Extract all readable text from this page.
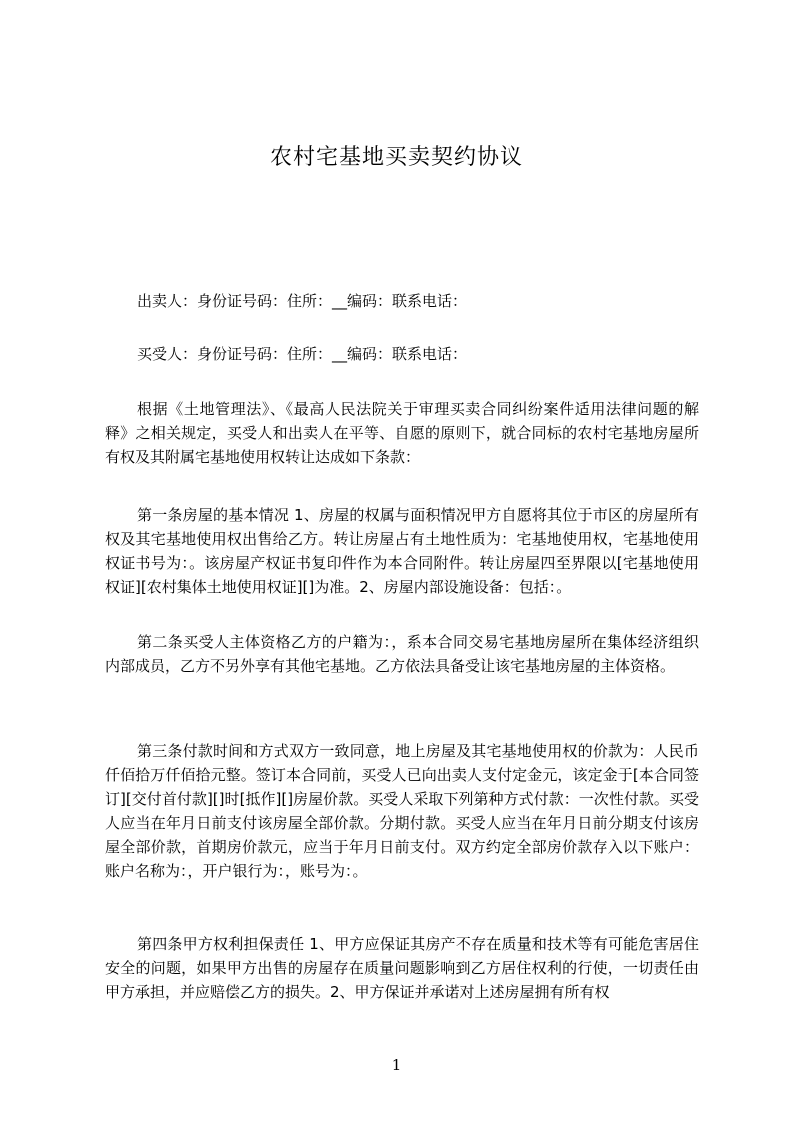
农村宅基地买卖契约协议

出卖人：身份证号码：住所：__编码：联系电话：

买受人：身份证号码：住所：__编码：联系电话：

根据《土地管理法》、《最高人民法院关于审理买卖合同纠纷案件适用法律问题的解释》之相关规定，买受人和出卖人在平等、自愿的原则下，就合同标的农村宅基地房屋所有权及其附属宅基地使用权转让达成如下条款：

第一条房屋的基本情况 1、房屋的权属与面积情况甲方自愿将其位于市区的房屋所有权及其宅基地使用权出售给乙方。转让房屋占有土地性质为：宅基地使用权，宅基地使用权证书号为：。该房屋产权证书复印件作为本合同附件。转让房屋四至界限以[宅基地使用权证][农村集体土地使用权证][]为准。2、房屋内部设施设备：包括：。

第二条买受人主体资格乙方的户籍为：，系本合同交易宅基地房屋所在集体经济组织内部成员，乙方不另外享有其他宅基地。乙方依法具备受让该宅基地房屋的主体资格。

第三条付款时间和方式双方一致同意，地上房屋及其宅基地使用权的价款为：人民币仟佰拾万仟佰拾元整。签订本合同前，买受人已向出卖人支付定金元，该定金于[本合同签订][交付首付款][]时[抵作][]房屋价款。买受人采取下列第种方式付款：一次性付款。买受人应当在年月日前支付该房屋全部价款。分期付款。买受人应当在年月日前分期支付该房屋全部价款，首期房价款元，应当于年月日前支付。双方约定全部房价款存入以下账户：账户名称为：，开户银行为：，账号为：。

第四条甲方权利担保责任 1、甲方应保证其房产不存在质量和技术等有可能危害居住安全的问题，如果甲方出售的房屋存在质量问题影响到乙方居住权利的行使，一切责任由甲方承担，并应赔偿乙方的损失。2、甲方保证并承诺对上述房屋拥有所有权

1
